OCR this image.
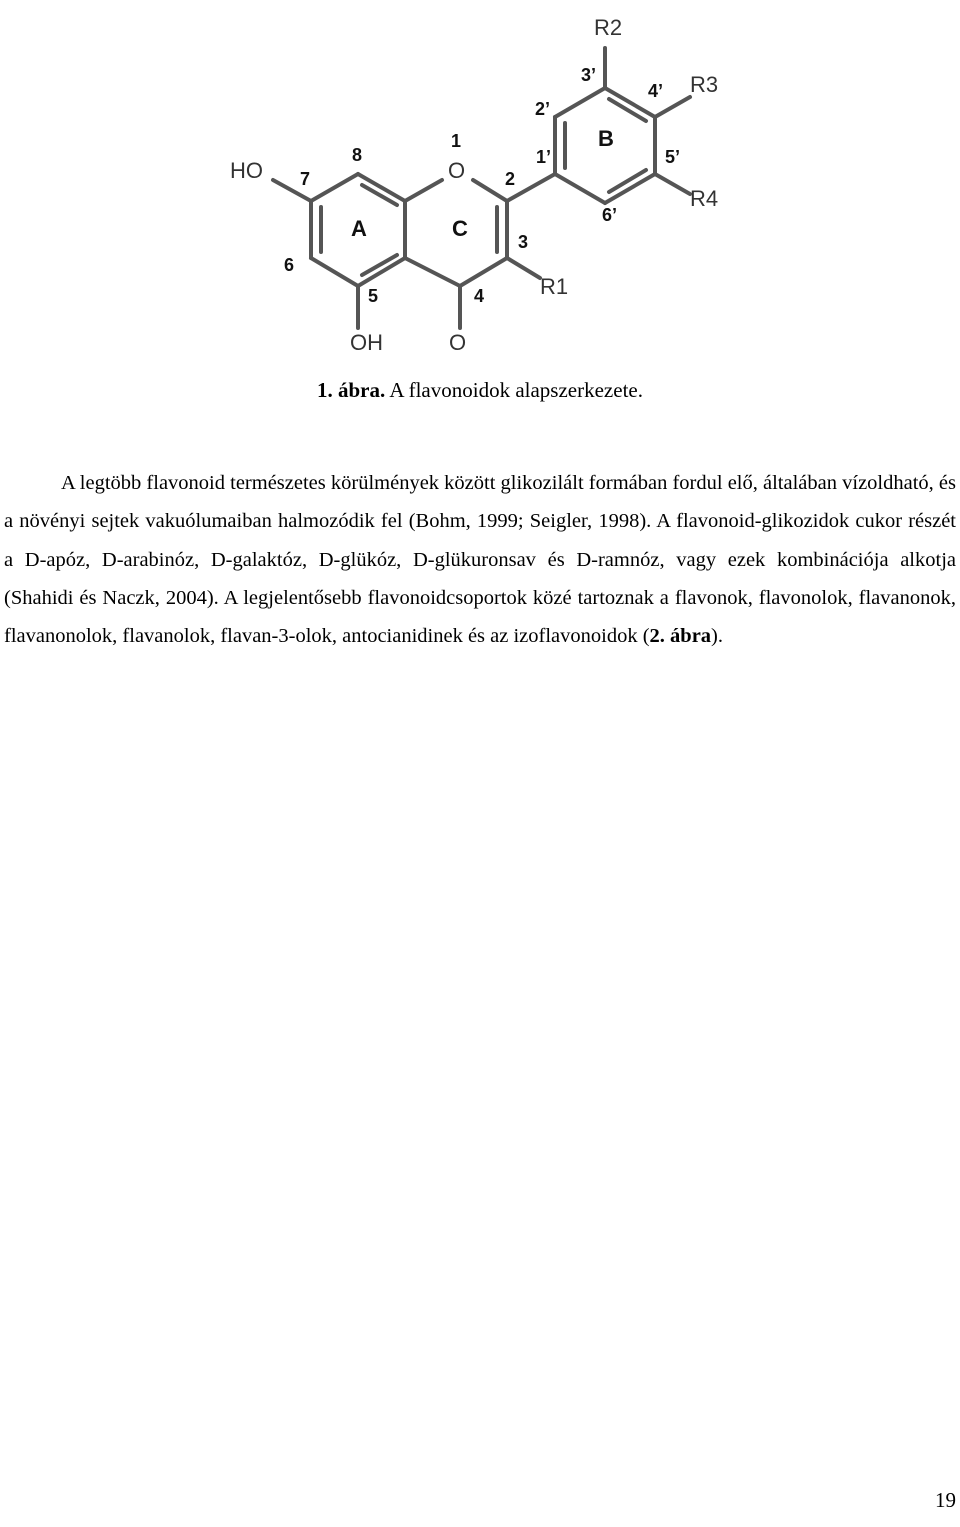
HO
OH
O
O
R1
R2
R3
R4
A
B
C
1
2
3
4
5
6
7
8	1’
2’
3’
4’
5’
6’
1. ábra. A flavonoidok alapszerkezete.

A legtöbb flavonoid természetes körülmények között glikozilált formában fordul elő, általában vízoldható, és a növényi sejtek vakuólumaiban halmozódik fel (Bohm, 1999; Seigler, 1998). A flavonoid-glikozidok cukor részét a D-apóz, D-arabinóz, D-galaktóz, D-glükóz, D-glükuronsav és D-ramnóz, vagy ezek kombinációja alkotja (Shahidi és Naczk, 2004). A legjelentősebb flavonoidcsoportok közé tartoznak a flavonok, flavonolok, flavanonok, flavanonolok, flavanolok, flavan-3-olok, antocianidinek és az izoflavonoidok (2. ábra).

19
